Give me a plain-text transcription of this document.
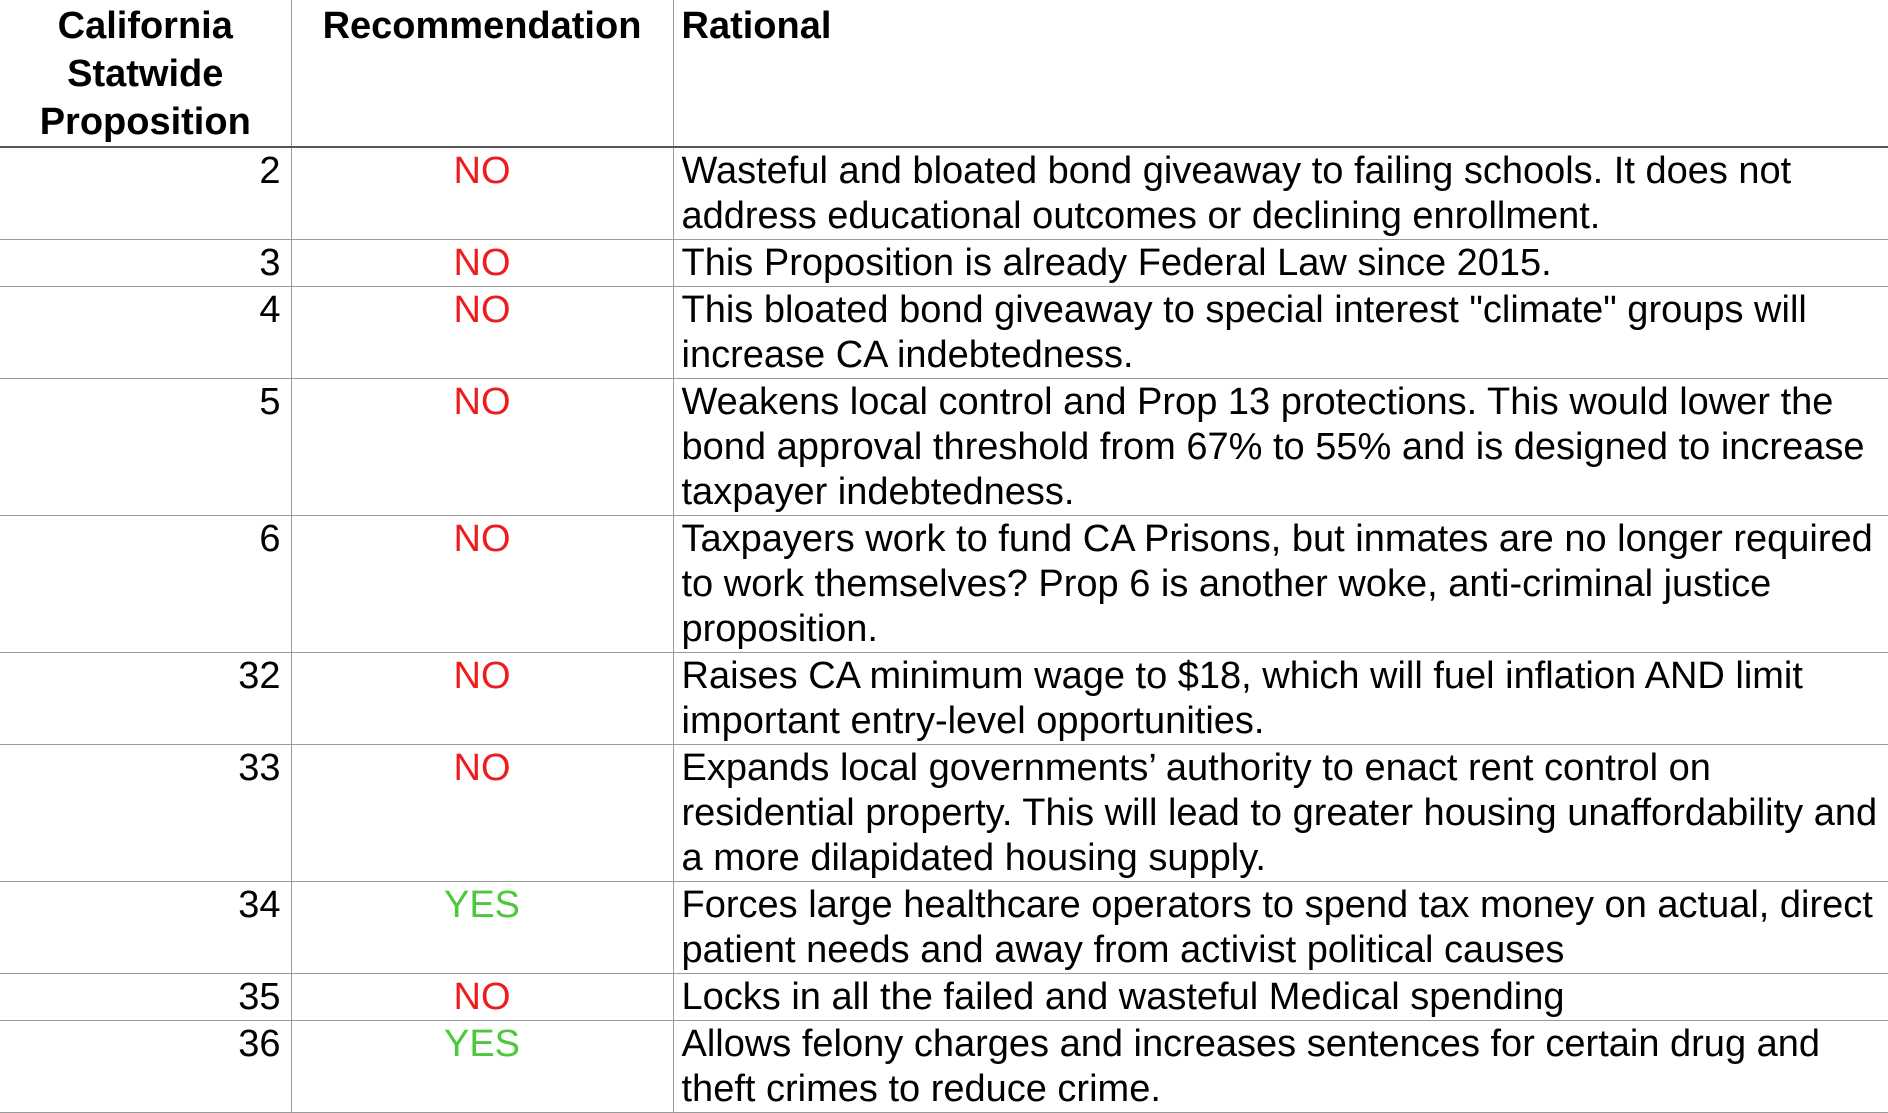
California Statwide Proposition	Recommendation	Rational
2	NO	Wasteful and bloated bond giveaway to failing schools. It does not address educational outcomes or declining enrollment.
3	NO	This Proposition is already Federal Law since 2015.
4	NO	This bloated bond giveaway to special interest "climate" groups will increase CA indebtedness.
5	NO	Weakens local control and Prop 13 protections. This would lower the bond approval threshold from 67% to 55% and is designed to increase taxpayer indebtedness.
6	NO	Taxpayers work to fund CA Prisons, but inmates are no longer required to work themselves? Prop 6 is another woke, anti-criminal justice proposition.
32	NO	Raises CA minimum wage to $18, which will fuel inflation AND limit important entry-level opportunities.
33	NO	Expands local governments’ authority to enact rent control on residential property. This will lead to greater housing unaffordability and a more dilapidated housing supply.
34	YES	Forces large healthcare operators to spend tax money on actual, direct patient needs and away from activist political causes
35	NO	Locks in all the failed and wasteful Medical spending
36	YES	Allows felony charges and increases sentences for certain drug and theft crimes to reduce crime.
